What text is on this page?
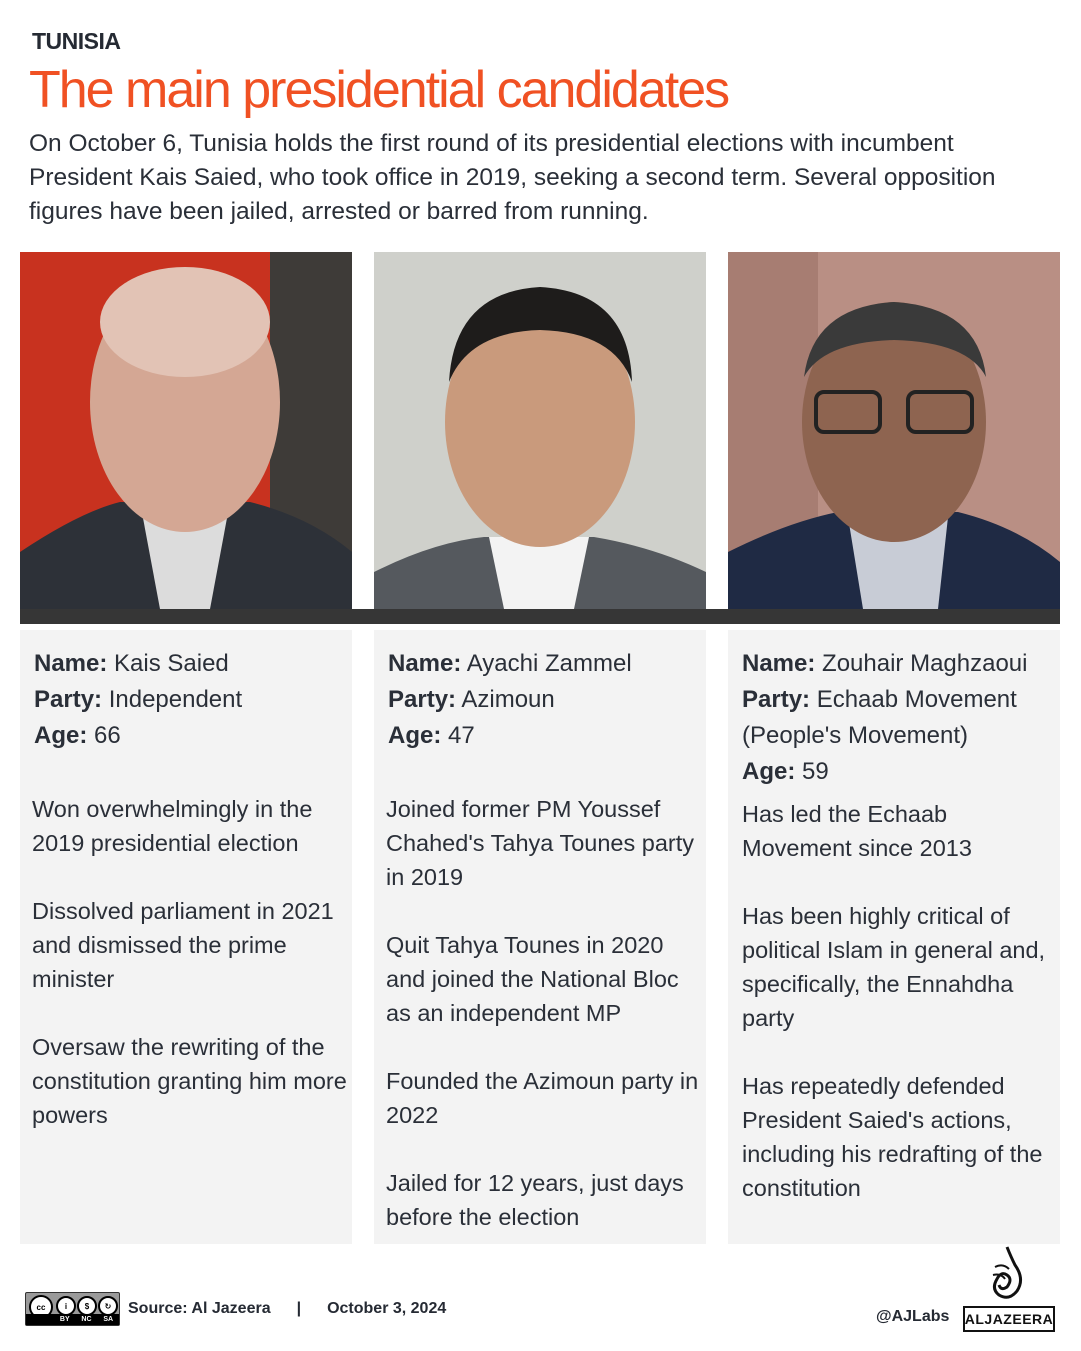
TUNISIA
The main presidential candidates

On October 6, Tunisia holds the first round of its presidential elections with incumbent President Kais Saied, who took office in 2019, seeking a second term. Several opposition figures have been jailed, arrested or barred from running.

Name: Kais Saied
Party: Independent
Age: 66

Won overwhelmingly in the 2019 presidential election

Dissolved parliament in 2021 and dismissed the prime minister

Oversaw the rewriting of the constitution granting him more powers

Name: Ayachi Zammel
Party: Azimoun
Age: 47

Joined former PM Youssef Chahed's Tahya Tounes party in 2019

Quit Tahya Tounes in 2020 and joined the National Bloc as an independent MP

Founded the Azimoun party in 2022

Jailed for 12 years, just days before the election

Name: Zouhair Maghzaoui
Party: Echaab Movement
(People's Movement)
Age: 59

Has led the Echaab Movement since 2013

Has been highly critical of political Islam in general and, specifically, the Ennahdha party

Has repeatedly defended President Saied's actions, including his redrafting of the constitution

cc	i	$	↻
BY NC SA
Source: Al Jazeera | October 3, 2024	@AJLabs ALJAZEERA
